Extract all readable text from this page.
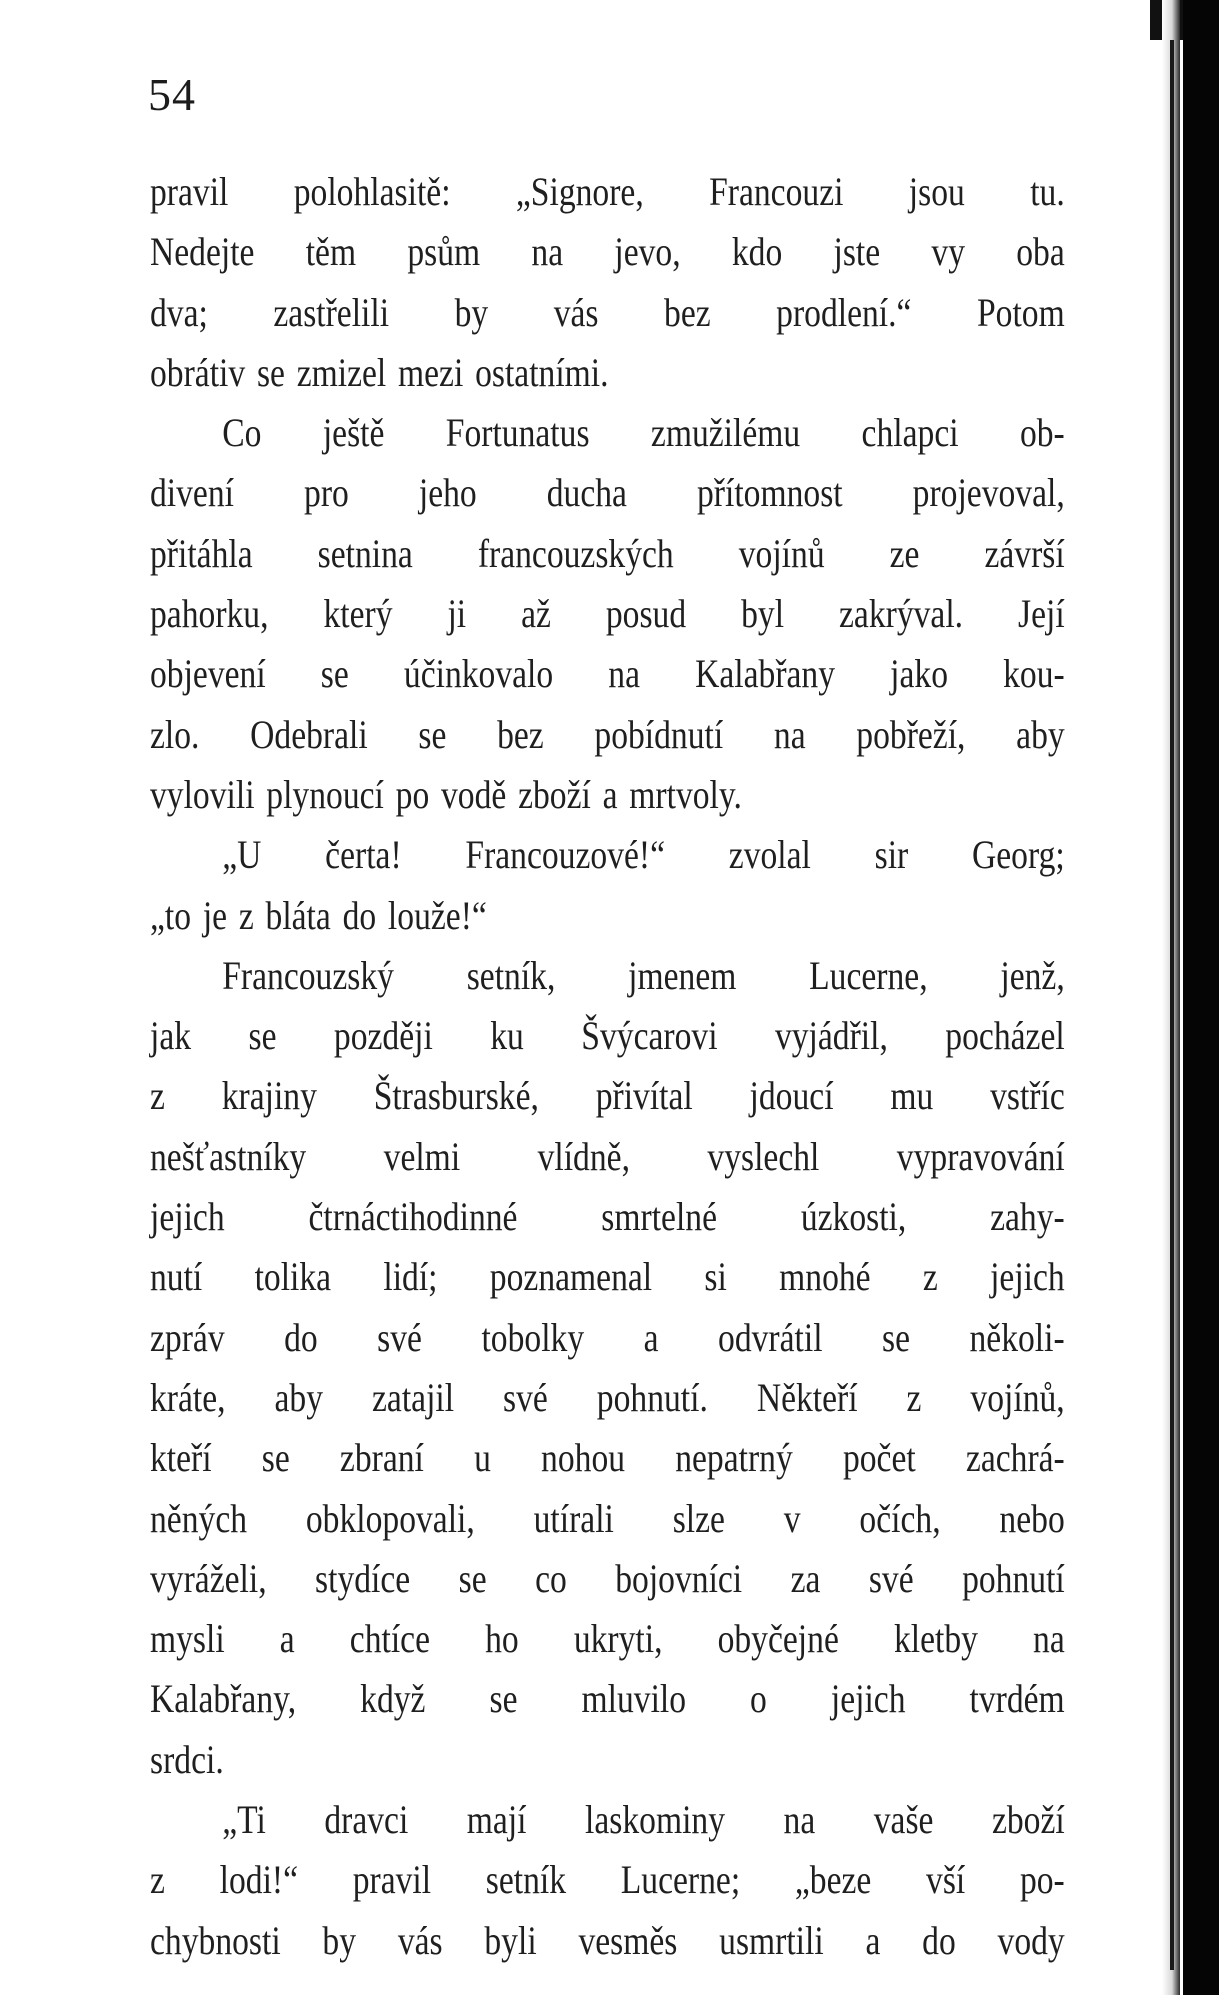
54
pravil polohlasitě: „Signore, Francouzi jsou tu.
Nedejte těm psům na jevo, kdo jste vy oba
dva; zastřelili by vás bez prodlení.“ Potom
obrátiv se zmizel mezi ostatními.
Co ještě Fortunatus zmužilému chlapci ob-
divení pro jeho ducha přítomnost projevoval,
přitáhla setnina francouzských vojínů ze závrší
pahorku, který ji až posud byl zakrýval. Její
objevení se účinkovalo na Kalabřany jako kou-
zlo. Odebrali se bez pobídnutí na pobřeží, aby
vylovili plynoucí po vodě zboží a mrtvoly.
„U čerta! Francouzové!“ zvolal sir Georg;
„to je z bláta do louže!“
Francouzský setník, jmenem Lucerne, jenž,
jak se později ku Švýcarovi vyjádřil, pocházel
z krajiny Štrasburské, přivítal jdoucí mu vstříc
nešťastníky velmi vlídně, vyslechl vypravování
jejich čtrnáctihodinné smrtelné úzkosti, zahy-
nutí tolika lidí; poznamenal si mnohé z jejich
zpráv do své tobolky a odvrátil se několi-
kráte, aby zatajil své pohnutí. Někteří z vojínů,
kteří se zbraní u nohou nepatrný počet zachrá-
něných obklopovali, utírali slze v očích, nebo
vyráželi, stydíce se co bojovníci za své pohnutí
mysli a chtíce ho ukryti, obyčejné kletby na
Kalabřany, když se mluvilo o jejich tvrdém
srdci.
„Ti dravci mají laskominy na vaše zboží
z lodi!“ pravil setník Lucerne; „beze vší po-
chybnosti by vás byli vesměs usmrtili a do vody
